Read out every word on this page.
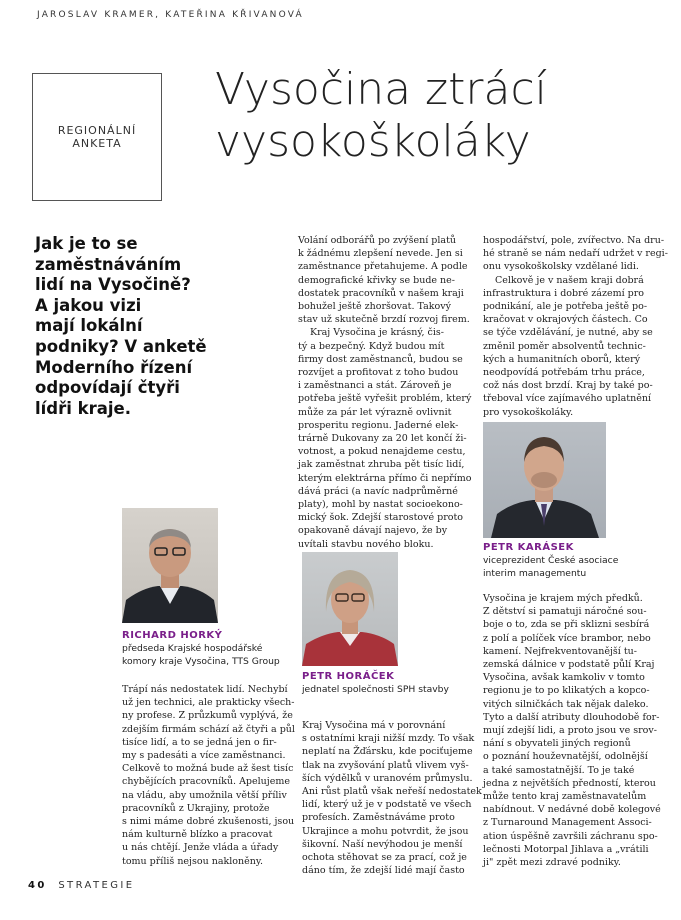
JAROSLAV KRAMER, KATEŘINA KŘIVANOVÁ
REGIONÁLNÍ
ANKETA
Vysočina ztrácí
vysokoškoláky
Jak je to se
zaměstnáváním
lidí na Vysočině?
A jakou vizi
mají lokální
podniky? V anketě
Moderního řízení
odpovídají čtyři
lídři kraje.
Volání odborářů po zvýšení platů
k žádnému zlepšení nevede. Jen si
zaměstnance přetahujeme. A podle
demografické křivky se bude ne-
dostatek pracovníků v našem kraji
bohužel ještě zhoršovat. Takový
stav už skutečně brzdí rozvoj firem.
Kraj Vysočina je krásný, čis-
tý a bezpečný. Když budou mít
firmy dost zaměstnanců, budou se
rozvíjet a profitovat z toho budou
i zaměstnanci a stát. Zároveň je
potřeba ještě vyřešit problém, který
může za pár let výrazně ovlivnit
prosperitu regionu. Jaderné elek-
trárně Dukovany za 20 let končí ži-
votnost, a pokud nenajdeme cestu,
jak zaměstnat zhruba pět tisíc lidí,
kterým elektrárna přímo či nepřímo
dává práci (a navíc nadprůměrné
platy), mohl by nastat socioekono-
mický šok. Zdejší starostové proto
opakovaně dávají najevo, že by
uvítali stavbu nového bloku.
hospodářství, pole, zvířectvo. Na dru-
hé straně se nám nedaří udržet v regi-
onu vysokoškolsky vzdělané lidi.
Celkově je v našem kraji dobrá
infrastruktura i dobré zázemí pro
podnikání, ale je potřeba ještě po-
kračovat v okrajových částech. Co
se týče vzdělávání, je nutné, aby se
změnil poměr absolventů technic-
kých a humanitních oborů, který
neodpovídá potřebám trhu práce,
což nás dost brzdí. Kraj by také po-
třeboval více zajímavého uplatnění
pro vysokoškoláky.
PETR KARÁSEK
viceprezident České asociace
interim managementu
RICHARD HORKÝ
předseda Krajské hospodářské
komory kraje Vysočina, TTS Group
PETR HORÁČEK
jednatel společnosti SPH stavby
Trápí nás nedostatek lidí. Nechybí
už jen technici, ale prakticky všech-
ny profese. Z průzkumů vyplývá, že
zdejším firmám schází až čtyři a půl
tisíce lidí, a to se jedná jen o fir-
my s padesáti a více zaměstnanci.
Celkově to možná bude až šest tisíc
chybějících pracovníků. Apelujeme
na vládu, aby umožnila větší příliv
pracovníků z Ukrajiny, protože
s nimi máme dobré zkušenosti, jsou
nám kulturně blízko a pracovat
u nás chtějí. Jenže vláda a úřady
tomu příliš nejsou nakloněny.
Kraj Vysočina má v porovnání
s ostatními kraji nižší mzdy. To však
neplatí na Žďársku, kde pociťujeme
tlak na zvyšování platů vlivem vyš-
ších výdělků v uranovém průmyslu.
Ani růst platů však neřeší nedostatek
lidí, který už je v podstatě ve všech
profesích. Zaměstnáváme proto
Ukrajince a mohu potvrdit, že jsou
šikovní. Naší nevýhodou je menší
ochota stěhovat se za prací, což je
dáno tím, že zdejší lidé mají často
Vysočina je krajem mých předků.
Z dětství si pamatuji náročné sou-
boje o to, zda se při sklizni sesbírá
z polí a políček více brambor, nebo
kamení. Nejfrekventovanější tu-
zemská dálnice v podstatě půlí Kraj
Vysočina, avšak kamkoliv v tomto
regionu je to po klikatých a kopco-
vitých silničkách tak nějak daleko.
Tyto a další atributy dlouhodobě for-
mují zdejší lidi, a proto jsou ve srov-
nání s obyvateli jiných regionů
o poznání houževnatější, odolnější
a také samostatnější. To je také
jedna z největších předností, kterou
může tento kraj zaměstnavatelům
nabídnout. V nedávné době kolegové
z Turnaround Management Associ-
ation úspěšně završili záchranu spo-
lečnosti Motorpal Jihlava a „vrátili
ji" zpět mezi zdravé podniky.
40 STRATEGIE
